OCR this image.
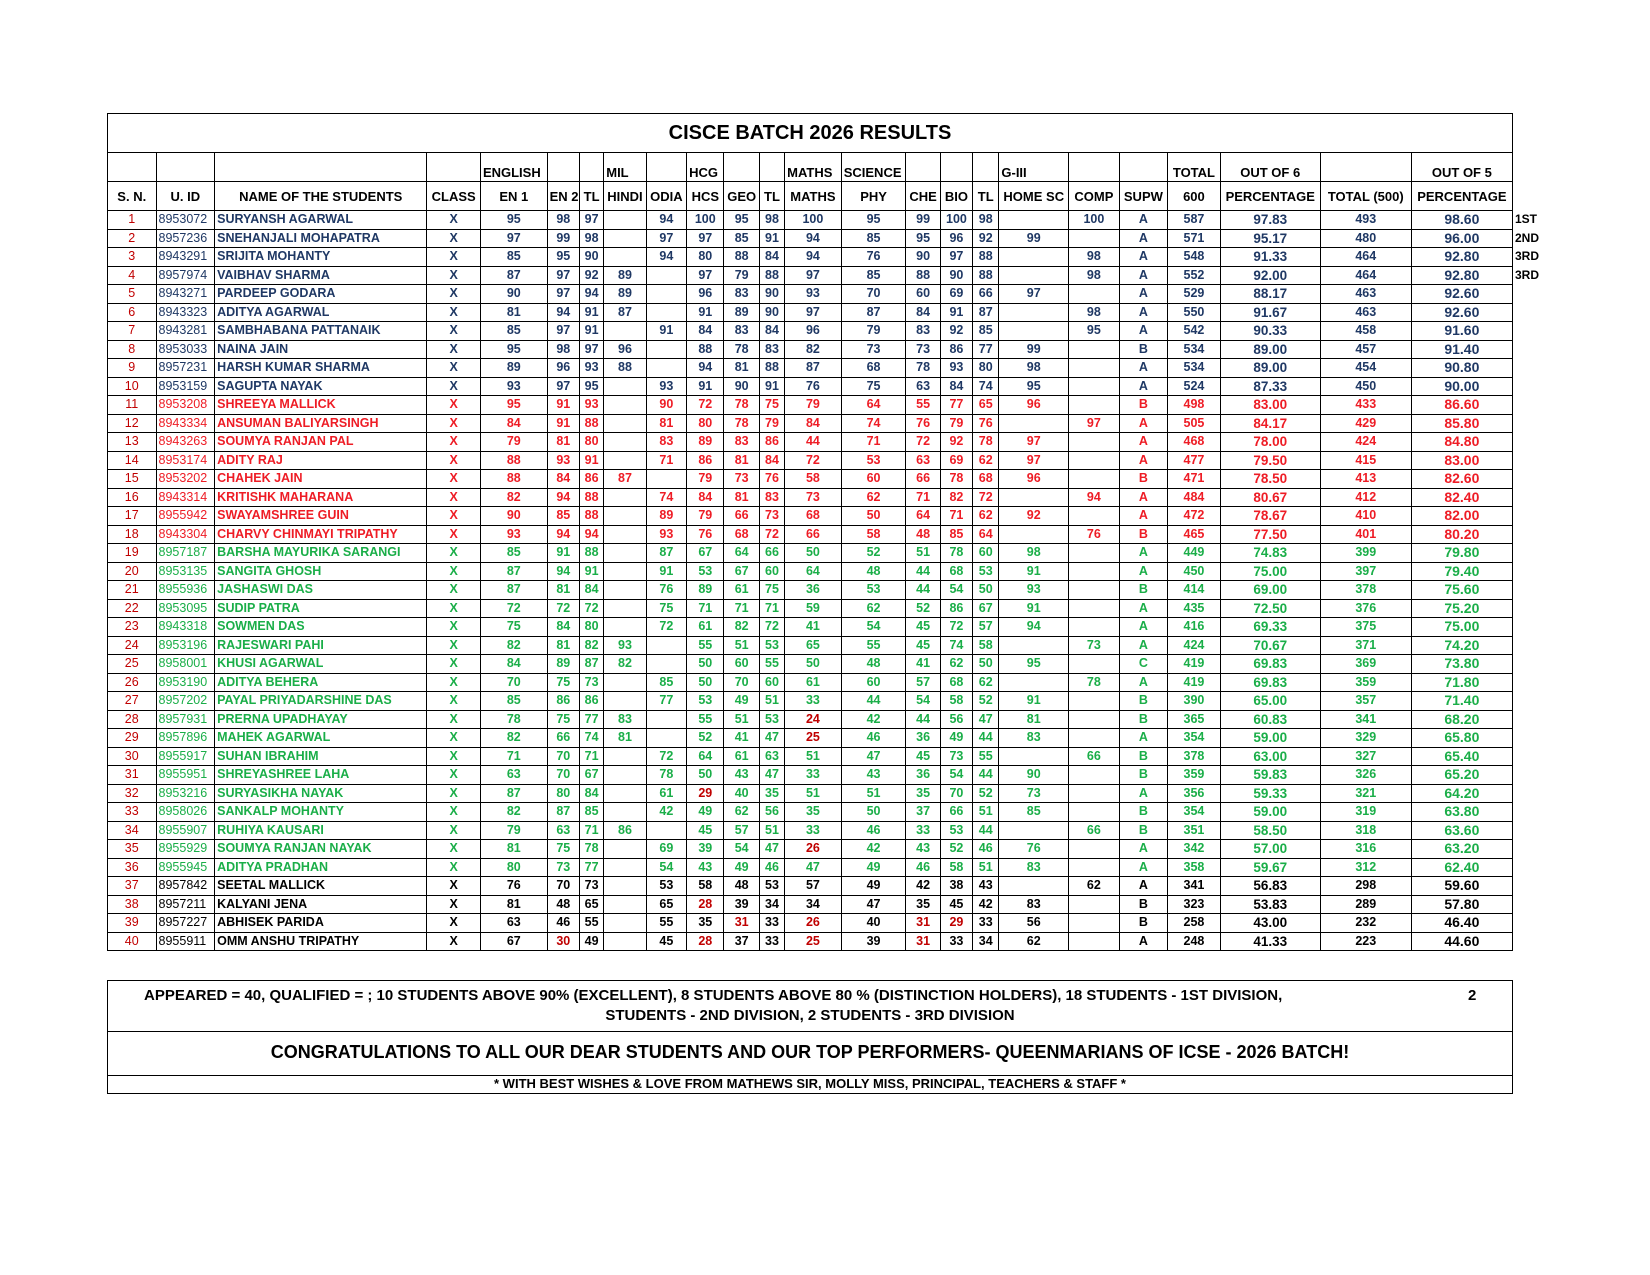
CISCE BATCH 2026 RESULTS																							
				ENGLISH			MIL		HCG			MATHS	SCIENCE				G-III			TOTAL	OUT OF 6		OUT OF 5
S. N.	U. ID	NAME OF THE STUDENTS	CLASS	EN 1	EN 2	TL	HINDI	ODIA	HCS	GEO	TL	MATHS	PHY	CHE	BIO	TL	HOME SC	COMP	SUPW	600	PERCENTAGE	TOTAL (500)	PERCENTAGE
1	8953072	SURYANSH AGARWAL	X	95	98	97		94	100	95	98	100	95	99	100	98		100	A	587	97.83	493	98.60
2	8957236	SNEHANJALI MOHAPATRA	X	97	99	98		97	97	85	91	94	85	95	96	92	99		A	571	95.17	480	96.00
3	8943291	SRIJITA MOHANTY	X	85	95	90		94	80	88	84	94	76	90	97	88		98	A	548	91.33	464	92.80
4	8957974	VAIBHAV SHARMA	X	87	97	92	89		97	79	88	97	85	88	90	88		98	A	552	92.00	464	92.80
5	8943271	PARDEEP GODARA	X	90	97	94	89		96	83	90	93	70	60	69	66	97		A	529	88.17	463	92.60
6	8943323	ADITYA AGARWAL	X	81	94	91	87		91	89	90	97	87	84	91	87		98	A	550	91.67	463	92.60
7	8943281	SAMBHABANA PATTANAIK	X	85	97	91		91	84	83	84	96	79	83	92	85		95	A	542	90.33	458	91.60
8	8953033	NAINA JAIN	X	95	98	97	96		88	78	83	82	73	73	86	77	99		B	534	89.00	457	91.40
9	8957231	HARSH KUMAR SHARMA	X	89	96	93	88		94	81	88	87	68	78	93	80	98		A	534	89.00	454	90.80
10	8953159	SAGUPTA NAYAK	X	93	97	95		93	91	90	91	76	75	63	84	74	95		A	524	87.33	450	90.00
11	8953208	SHREEYA MALLICK	X	95	91	93		90	72	78	75	79	64	55	77	65	96		B	498	83.00	433	86.60
12	8943334	ANSUMAN BALIYARSINGH	X	84	91	88		81	80	78	79	84	74	76	79	76		97	A	505	84.17	429	85.80
13	8943263	SOUMYA RANJAN PAL	X	79	81	80		83	89	83	86	44	71	72	92	78	97		A	468	78.00	424	84.80
14	8953174	ADITY RAJ	X	88	93	91		71	86	81	84	72	53	63	69	62	97		A	477	79.50	415	83.00
15	8953202	CHAHEK JAIN	X	88	84	86	87		79	73	76	58	60	66	78	68	96		B	471	78.50	413	82.60
16	8943314	KRITISHK MAHARANA	X	82	94	88		74	84	81	83	73	62	71	82	72		94	A	484	80.67	412	82.40
17	8955942	SWAYAMSHREE GUIN	X	90	85	88		89	79	66	73	68	50	64	71	62	92		A	472	78.67	410	82.00
18	8943304	CHARVY CHINMAYI TRIPATHY	X	93	94	94		93	76	68	72	66	58	48	85	64		76	B	465	77.50	401	80.20
19	8957187	BARSHA MAYURIKA SARANGI	X	85	91	88		87	67	64	66	50	52	51	78	60	98		A	449	74.83	399	79.80
20	8953135	SANGITA GHOSH	X	87	94	91		91	53	67	60	64	48	44	68	53	91		A	450	75.00	397	79.40
21	8955936	JASHASWI DAS	X	87	81	84		76	89	61	75	36	53	44	54	50	93		B	414	69.00	378	75.60
22	8953095	SUDIP PATRA	X	72	72	72		75	71	71	71	59	62	52	86	67	91		A	435	72.50	376	75.20
23	8943318	SOWMEN DAS	X	75	84	80		72	61	82	72	41	54	45	72	57	94		A	416	69.33	375	75.00
24	8953196	RAJESWARI PAHI	X	82	81	82	93		55	51	53	65	55	45	74	58		73	A	424	70.67	371	74.20
25	8958001	KHUSI AGARWAL	X	84	89	87	82		50	60	55	50	48	41	62	50	95		C	419	69.83	369	73.80
26	8953190	ADITYA BEHERA	X	70	75	73		85	50	70	60	61	60	57	68	62		78	A	419	69.83	359	71.80
27	8957202	PAYAL PRIYADARSHINE DAS	X	85	86	86		77	53	49	51	33	44	54	58	52	91		B	390	65.00	357	71.40
28	8957931	PRERNA UPADHAYAY	X	78	75	77	83		55	51	53	24	42	44	56	47	81		B	365	60.83	341	68.20
29	8957896	MAHEK AGARWAL	X	82	66	74	81		52	41	47	25	46	36	49	44	83		A	354	59.00	329	65.80
30	8955917	SUHAN IBRAHIM	X	71	70	71		72	64	61	63	51	47	45	73	55		66	B	378	63.00	327	65.40
31	8955951	SHREYASHREE LAHA	X	63	70	67		78	50	43	47	33	43	36	54	44	90		B	359	59.83	326	65.20
32	8953216	SURYASIKHA NAYAK	X	87	80	84		61	29	40	35	51	51	35	70	52	73		A	356	59.33	321	64.20
33	8958026	SANKALP MOHANTY	X	82	87	85		42	49	62	56	35	50	37	66	51	85		B	354	59.00	319	63.80
34	8955907	RUHIYA KAUSARI	X	79	63	71	86		45	57	51	33	46	33	53	44		66	B	351	58.50	318	63.60
35	8955929	SOUMYA RANJAN NAYAK	X	81	75	78		69	39	54	47	26	42	43	52	46	76		A	342	57.00	316	63.20
36	8955945	ADITYA PRADHAN	X	80	73	77		54	43	49	46	47	49	46	58	51	83		A	358	59.67	312	62.40
37	8957842	SEETAL MALLICK	X	76	70	73		53	58	48	53	57	49	42	38	43		62	A	341	56.83	298	59.60
38	8957211	KALYANI JENA	X	81	48	65		65	28	39	34	34	47	35	45	42	83		B	323	53.83	289	57.80
39	8957227	ABHISEK PARIDA	X	63	46	55		55	35	31	33	26	40	31	29	33	56		B	258	43.00	232	46.40
40	8955911	OMM ANSHU TRIPATHY	X	67	30	49		45	28	37	33	25	39	31	33	34	62		A	248	41.33	223	44.60
1ST
2ND
3RD
3RD
APPEARED = 40, QUALIFIED = ; 10 STUDENTS ABOVE 90% (EXCELLENT), 8 STUDENTS ABOVE 80 % (DISTINCTION HOLDERS), 18 STUDENTS - 1ST DIVISION,	2
STUDENTS - 2ND DIVISION, 2 STUDENTS - 3RD DIVISION
CONGRATULATIONS TO ALL OUR DEAR STUDENTS AND OUR TOP PERFORMERS- QUEENMARIANS OF ICSE - 2026 BATCH!
* WITH BEST WISHES & LOVE FROM MATHEWS SIR, MOLLY MISS, PRINCIPAL, TEACHERS & STAFF *
